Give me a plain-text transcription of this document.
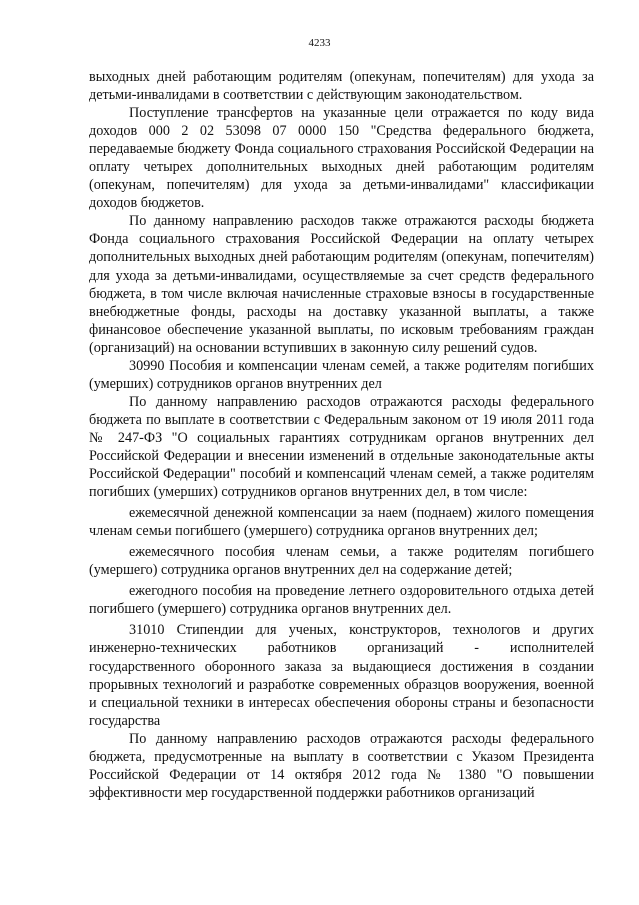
4233

выходных дней работающим родителям (опекунам, попечителям) для ухода за детьми-инвалидами в соответствии с действующим законодательством.

Поступление трансфертов на указанные цели отражается по коду вида доходов 000 2 02 53098 07 0000 150 "Средства федерального бюджета, передаваемые бюджету Фонда социального страхования Российской Федерации на оплату четырех дополнительных выходных дней работающим родителям (опекунам, попечителям) для ухода за детьми-инвалидами" классификации доходов бюджетов.

По данному направлению расходов также отражаются расходы бюджета Фонда социального страхования Российской Федерации на оплату четырех дополнительных выходных дней работающим родителям (опекунам, попечителям) для ухода за детьми-инвалидами, осуществляемые за счет средств федерального бюджета, в том числе включая начисленные страховые взносы в государственные внебюджетные фонды, расходы на доставку указанной выплаты, а также финансовое обеспечение указанной выплаты, по исковым требованиям граждан (организаций) на основании вступивших в законную силу решений судов.

30990 Пособия и компенсации членам семей, а также родителям погибших (умерших) сотрудников органов внутренних дел

По данному направлению расходов отражаются расходы федерального бюджета по выплате в соответствии с Федеральным законом от 19 июля 2011 года № 247-ФЗ "О социальных гарантиях сотрудникам органов внутренних дел Российской Федерации и внесении изменений в отдельные законодательные акты Российской Федерации" пособий и компенсаций членам семей, а также родителям погибших (умерших) сотрудников органов внутренних дел, в том числе:

ежемесячной денежной компенсации за наем (поднаем) жилого помещения членам семьи погибшего (умершего) сотрудника органов внутренних дел;

ежемесячного пособия членам семьи, а также родителям погибшего (умершего) сотрудника органов внутренних дел на содержание детей;

ежегодного пособия на проведение летнего оздоровительного отдыха детей погибшего (умершего) сотрудника органов внутренних дел.

31010 Стипендии для ученых, конструкторов, технологов и других инженерно-технических работников организаций - исполнителей государственного оборонного заказа за выдающиеся достижения в создании прорывных технологий и разработке современных образцов вооружения, военной и специальной техники в интересах обеспечения обороны страны и безопасности государства

По данному направлению расходов отражаются расходы федерального бюджета, предусмотренные на выплату в соответствии с Указом Президента Российской Федерации от 14 октября 2012 года № 1380 "О повышении эффективности мер государственной поддержки работников организаций
